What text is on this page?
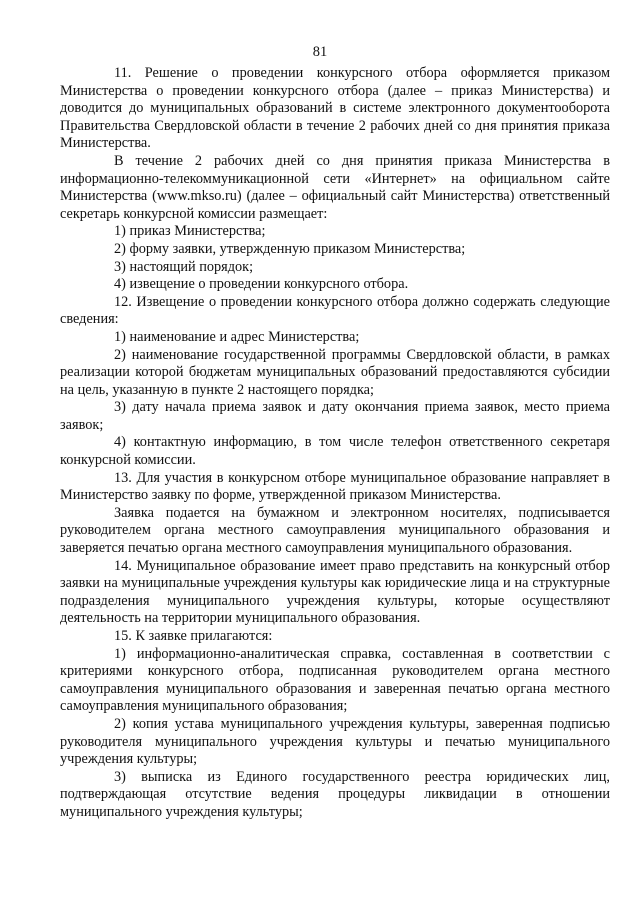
81

11. Решение о проведении конкурсного отбора оформляется приказом Министерства о проведении конкурсного отбора (далее – приказ Министерства) и доводится до муниципальных образований в системе электронного документооборота Правительства Свердловской области в течение 2 рабочих дней со дня принятия приказа Министерства.

В течение 2 рабочих дней со дня принятия приказа Министерства в информационно-телекоммуникационной сети «Интернет» на официальном сайте Министерства (www.mkso.ru) (далее – официальный сайт Министерства) ответственный секретарь конкурсной комиссии размещает:

1) приказ Министерства;

2) форму заявки, утвержденную приказом Министерства;

3) настоящий порядок;

4) извещение о проведении конкурсного отбора.

12. Извещение о проведении конкурсного отбора должно содержать следующие сведения:

1) наименование и адрес Министерства;

2) наименование государственной программы Свердловской области, в рамках реализации которой бюджетам муниципальных образований предоставляются субсидии на цель, указанную в пункте 2 настоящего порядка;

3) дату начала приема заявок и дату окончания приема заявок, место приема заявок;

4) контактную информацию, в том числе телефон ответственного секретаря конкурсной комиссии.

13. Для участия в конкурсном отборе муниципальное образование направляет в Министерство заявку по форме, утвержденной приказом Министерства.

Заявка подается на бумажном и электронном носителях, подписывается руководителем органа местного самоуправления муниципального образования и заверяется печатью органа местного самоуправления муниципального образования.

14. Муниципальное образование имеет право представить на конкурсный отбор заявки на муниципальные учреждения культуры как юридические лица и на структурные подразделения муниципального учреждения культуры, которые осуществляют деятельность на территории муниципального образования.

15. К заявке прилагаются:

1) информационно-аналитическая справка, составленная в соответствии с критериями конкурсного отбора, подписанная руководителем органа местного самоуправления муниципального образования и заверенная печатью органа местного самоуправления муниципального образования;

2) копия устава муниципального учреждения культуры, заверенная подписью руководителя муниципального учреждения культуры и печатью муниципального учреждения культуры;

3) выписка из Единого государственного реестра юридических лиц, подтверждающая отсутствие ведения процедуры ликвидации в отношении муниципального учреждения культуры;
